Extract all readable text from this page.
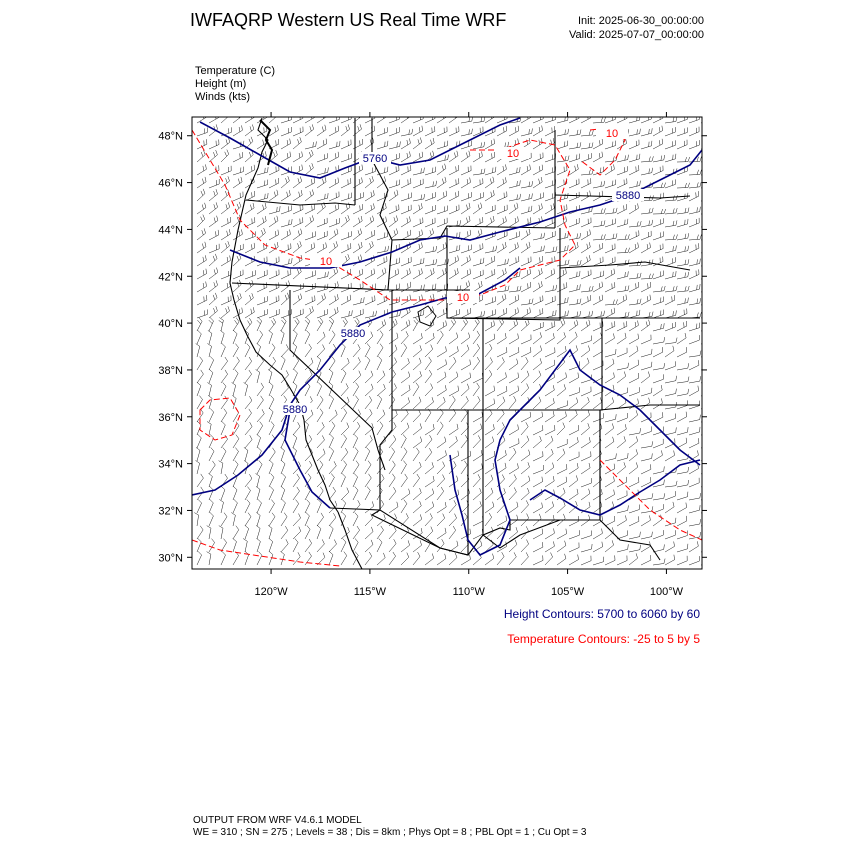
IWFAQRP Western US Real Time WRF	Init: 2025-06-30_00:00:00
Valid: 2025-07-07_00:00:00
Temperature (C)
Height (m)
Winds (kts)
5760
5880
5880
5880
10
10
10
10
48°N
46°N
44°N
42°N
40°N
38°N
36°N
34°N
32°N
30°N
120°W	115°W	110°W	105°W	100°W
Height Contours: 5700 to 6060 by 60
Temperature Contours: -25 to 5 by 5
OUTPUT FROM WRF V4.6.1 MODEL
WE = 310 ; SN = 275 ; Levels = 38 ; Dis = 8km ; Phys Opt = 8 ; PBL Opt = 1 ; Cu Opt = 3
